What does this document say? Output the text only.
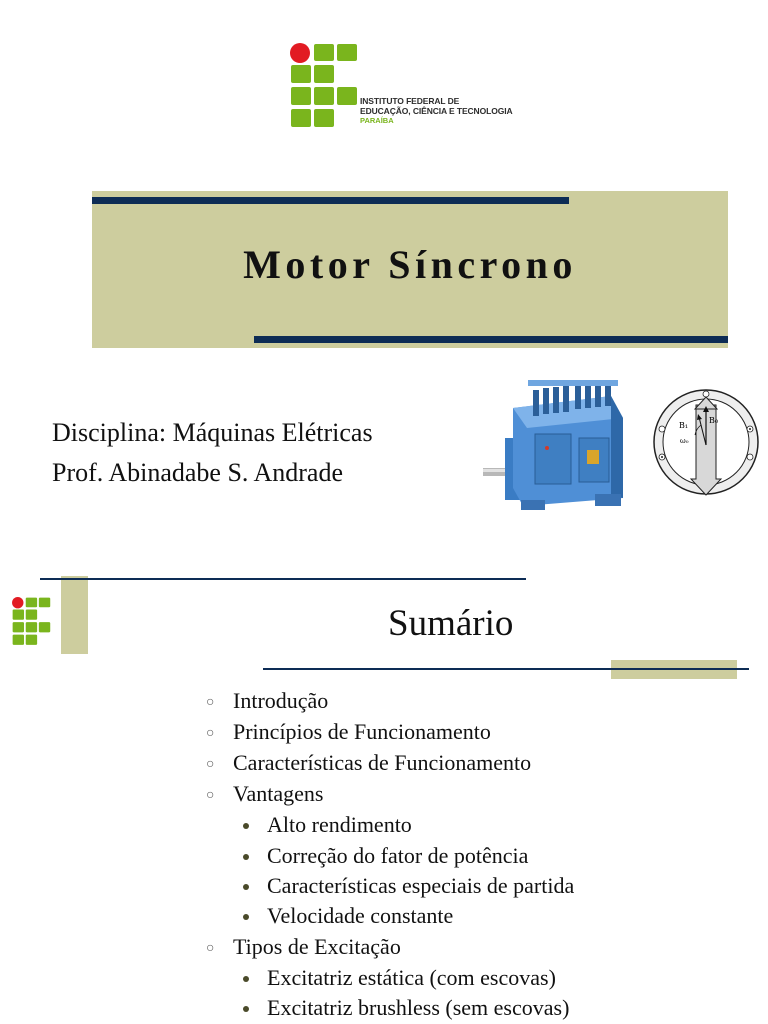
INSTITUTO FEDERAL DE
EDUCAÇÃO, CIÊNCIA E TECNOLOGIA
PARAÍBA
Motor Síncrono
Disciplina: Máquinas Elétricas
Prof. Abinadabe S. Andrade
B₁
B₀
ω₀
Sumário
○ Introdução
○ Princípios de Funcionamento
○ Características de Funcionamento
○ Vantagens
Alto rendimento
Correção do fator de potência
Características especiais de partida
Velocidade constante
○ Tipos de Excitação
Excitatriz estática (com escovas)
Excitatriz brushless (sem escovas)
